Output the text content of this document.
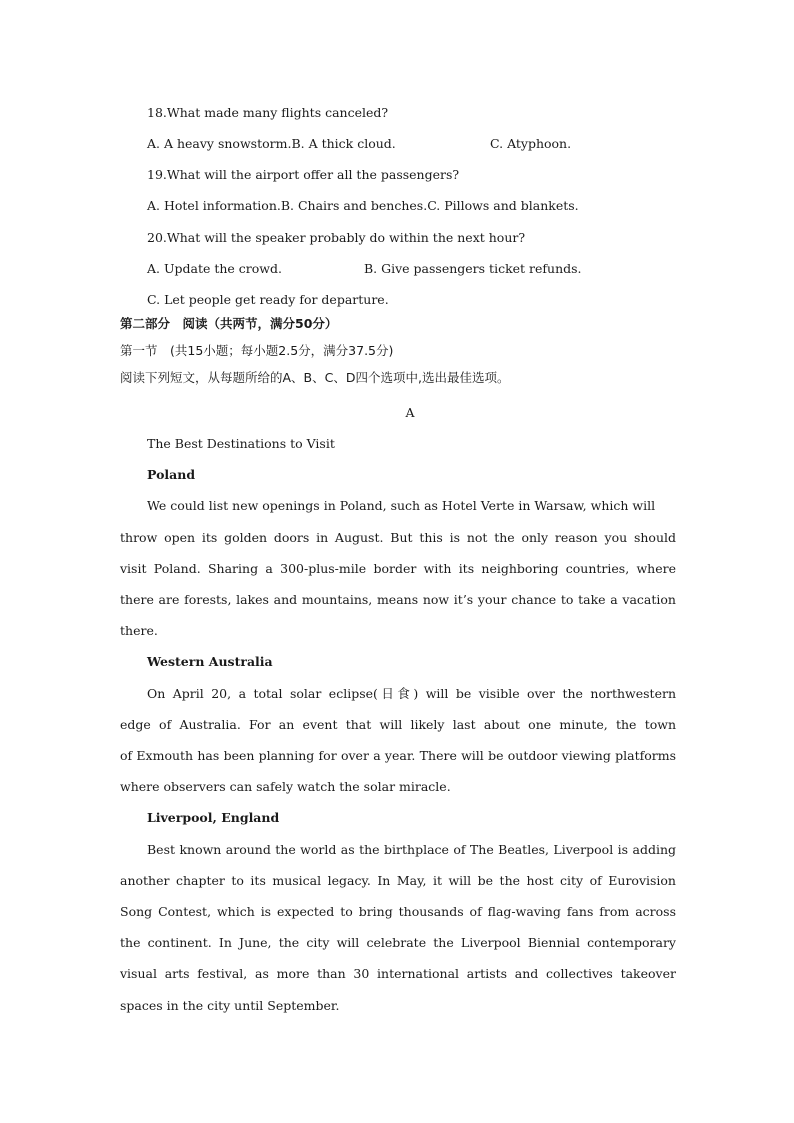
18.What made many flights canceled?
A. A heavy snowstorm.B. A thick cloud.	C. Atyphoon.
19.What will the airport offer all the passengers?
A. Hotel information.B. Chairs and benches.C. Pillows and blankets.
20.What will the speaker probably do within the next hour?
A. Update the crowd.	B. Give passengers ticket refunds.
C. Let people get ready for departure.
第二部分　阅读（共两节，满分50分）
第一节　(共15小题；每小题2.5分，满分37.5分)
阅读下列短文，从每题所给的A、B、C、D四个选项中,选出最佳选项。
A
The Best Destinations to Visit
Poland
We could list new openings in Poland, such as Hotel Verte in Warsaw, which will
throw open its golden doors in August. But this is not the only reason you should
visit Poland. Sharing a 300-plus-mile border with its neighboring countries, where
there are forests, lakes and mountains, means now it’s your chance to take a vacation
there.
Western Australia
On April 20, a total solar eclipse(日食) will be visible over the northwestern
edge of Australia. For an event that will likely last about one minute, the town
of Exmouth has been planning for over a year. There will be outdoor viewing platforms
where observers can safely watch the solar miracle.
Liverpool, England
Best known around the world as the birthplace of The Beatles, Liverpool is adding
another chapter to its musical legacy. In May, it will be the host city of Eurovision
Song Contest, which is expected to bring thousands of flag-waving fans from across
the continent. In June, the city will celebrate the Liverpool Biennial contemporary
visual arts festival, as more than 30 international artists and collectives takeover
spaces in the city until September.
